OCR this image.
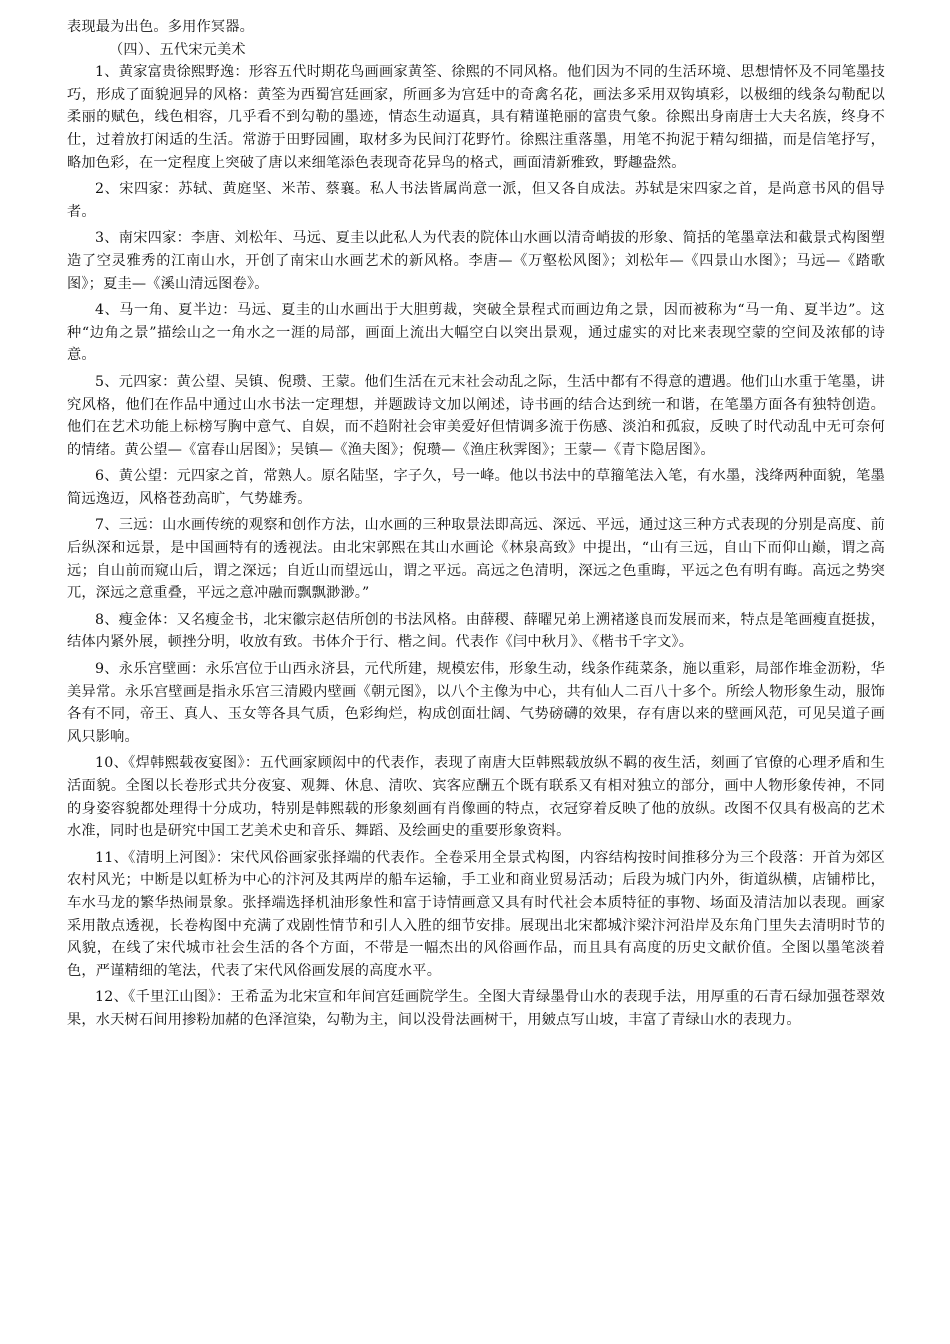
表现最为出色。多用作冥器。

（四）、五代宋元美术

1、黄家富贵徐熙野逸：形容五代时期花鸟画画家黄筌、徐熙的不同风格。他们因为不同的生活环境、思想情怀及不同笔墨技巧，形成了面貌迥异的风格：黄筌为西蜀宫廷画家，所画多为宫廷中的奇禽名花，画法多采用双钩填彩，以极细的线条勾勒配以柔丽的赋色，线色相容，几乎看不到勾勒的墨迹，情态生动逼真，具有精谨艳丽的富贵气象。徐熙出身南唐士大夫名族，终身不仕，过着放打闲适的生活。常游于田野园圃，取材多为民间汀花野竹。徐熙注重落墨，用笔不拘泥于精勾细描，而是信笔抒写，略加色彩，在一定程度上突破了唐以来细笔添色表现奇花异鸟的格式，画面清新雅致，野趣盎然。

2、宋四家：苏轼、黄庭坚、米芾、蔡襄。私人书法皆属尚意一派，但又各自成法。苏轼是宋四家之首，是尚意书风的倡导者。

3、南宋四家：李唐、刘松年、马远、夏圭以此私人为代表的院体山水画以清奇峭拔的形象、简括的笔墨章法和截景式构图塑造了空灵雅秀的江南山水，开创了南宋山水画艺术的新风格。李唐—《万壑松风图》；刘松年—《四景山水图》；马远—《踏歌图》；夏圭—《溪山清远图卷》。

4、马一角、夏半边：马远、夏圭的山水画出于大胆剪裁，突破全景程式而画边角之景，因而被称为“马一角、夏半边”。这种“边角之景”描绘山之一角水之一涯的局部，画面上流出大幅空白以突出景观，通过虚实的对比来表现空蒙的空间及浓郁的诗意。

5、元四家：黄公望、吴镇、倪瓒、王蒙。他们生活在元末社会动乱之际，生活中都有不得意的遭遇。他们山水重于笔墨，讲究风格，他们在作品中通过山水书法一定理想，并题跋诗文加以阐述，诗书画的结合达到统一和谐，在笔墨方面各有独特创造。他们在艺术功能上标榜写胸中意气、自娱，而不趋附社会审美爱好但情调多流于伤感、淡泊和孤寂，反映了时代动乱中无可奈何的情绪。黄公望—《富春山居图》；吴镇—《渔夫图》；倪瓒—《渔庄秋霁图》；王蒙—《青卞隐居图》。

6、黄公望：元四家之首，常熟人。原名陆坚，字子久，号一峰。他以书法中的草籀笔法入笔，有水墨，浅绛两种面貌，笔墨简远逸迈，风格苍劲高旷，气势雄秀。

7、三远：山水画传统的观察和创作方法，山水画的三种取景法即高远、深远、平远，通过这三种方式表现的分别是高度、前后纵深和远景，是中国画特有的透视法。由北宋郭熙在其山水画论《林泉高致》中提出，“山有三远，自山下而仰山巅，谓之高远；自山前而窥山后，谓之深远；自近山而望远山，谓之平远。高远之色清明，深远之色重晦，平远之色有明有晦。高远之势突兀，深远之意重叠，平远之意冲融而飘飘渺渺。”

8、瘦金体：又名瘦金书，北宋徽宗赵佶所创的书法风格。由薛稷、薛曜兄弟上溯褚遂良而发展而来，特点是笔画瘦直挺拔，结体内紧外展，顿挫分明，收放有致。书体介于行、楷之间。代表作《闫中秋月》、《楷书千字文》。

9、永乐宫壁画：永乐宫位于山西永济县，元代所建，规模宏伟，形象生动，线条作莼菜条，施以重彩，局部作堆金沥粉，华美异常。永乐宫壁画是指永乐宫三清殿内壁画《朝元图》，以八个主像为中心，共有仙人二百八十多个。所绘人物形象生动，服饰各有不同，帝王、真人、玉女等各具气质，色彩绚烂，构成创面壮阔、气势磅礴的效果，存有唐以来的壁画风范，可见吴道子画风只影响。

10、《焊韩熙载夜宴图》：五代画家顾闳中的代表作，表现了南唐大臣韩熙载放纵不羁的夜生活，刻画了官僚的心理矛盾和生活面貌。全图以长卷形式共分夜宴、观舞、休息、清吹、宾客应酬五个既有联系又有相对独立的部分，画中人物形象传神，不同的身姿容貌都处理得十分成功，特别是韩熙载的形象刻画有肖像画的特点，衣冠穿着反映了他的放纵。改图不仅具有极高的艺术水准，同时也是研究中国工艺美术史和音乐、舞蹈、及绘画史的重要形象资料。

11、《清明上河图》：宋代风俗画家张择端的代表作。全卷采用全景式构图，内容结构按时间推移分为三个段落：开首为郊区农村风光；中断是以虹桥为中心的汴河及其两岸的船车运输，手工业和商业贸易活动；后段为城门内外，街道纵横，店铺栉比，车水马龙的繁华热闹景象。张择端选择机油形象性和富于诗情画意又具有时代社会本质特征的事物、场面及清洁加以表现。画家采用散点透视，长卷构图中充满了戏剧性情节和引人入胜的细节安排。展现出北宋都城汴梁汴河沿岸及东角门里失去清明时节的风貌，在线了宋代城市社会生活的各个方面，不带是一幅杰出的风俗画作品，而且具有高度的历史文献价值。全图以墨笔淡着色，严谨精细的笔法，代表了宋代风俗画发展的高度水平。

12、《千里江山图》：王希孟为北宋宣和年间宫廷画院学生。全图大青绿墨骨山水的表现手法，用厚重的石青石绿加强苍翠效果，水天树石间用掺粉加赭的色泽渲染，勾勒为主，间以没骨法画树干，用皴点写山坡，丰富了青绿山水的表现力。
